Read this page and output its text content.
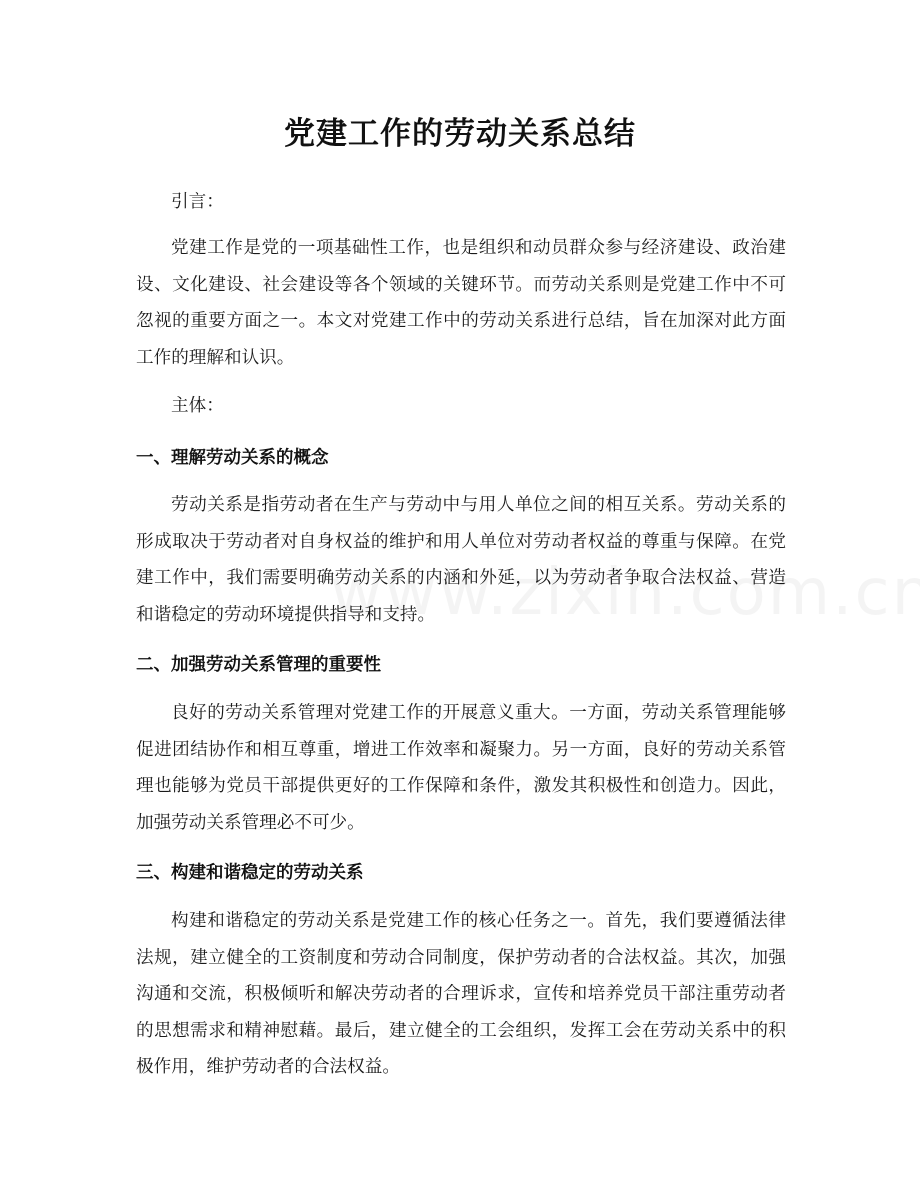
党建工作的劳动关系总结
引言：
党建工作是党的一项基础性工作，也是组织和动员群众参与经济建设、政治建设、文化建设、社会建设等各个领域的关键环节。而劳动关系则是党建工作中不可忽视的重要方面之一。本文对党建工作中的劳动关系进行总结，旨在加深对此方面工作的理解和认识。
主体：
一、理解劳动关系的概念
劳动关系是指劳动者在生产与劳动中与用人单位之间的相互关系。劳动关系的形成取决于劳动者对自身权益的维护和用人单位对劳动者权益的尊重与保障。在党建工作中，我们需要明确劳动关系的内涵和外延，以为劳动者争取合法权益、营造和谐稳定的劳动环境提供指导和支持。
二、加强劳动关系管理的重要性
良好的劳动关系管理对党建工作的开展意义重大。一方面，劳动关系管理能够促进团结协作和相互尊重，增进工作效率和凝聚力。另一方面，良好的劳动关系管理也能够为党员干部提供更好的工作保障和条件，激发其积极性和创造力。因此，加强劳动关系管理必不可少。
三、构建和谐稳定的劳动关系
构建和谐稳定的劳动关系是党建工作的核心任务之一。首先，我们要遵循法律法规，建立健全的工资制度和劳动合同制度，保护劳动者的合法权益。其次，加强沟通和交流，积极倾听和解决劳动者的合理诉求，宣传和培养党员干部注重劳动者的思想需求和精神慰藉。最后，建立健全的工会组织，发挥工会在劳动关系中的积极作用，维护劳动者的合法权益。
